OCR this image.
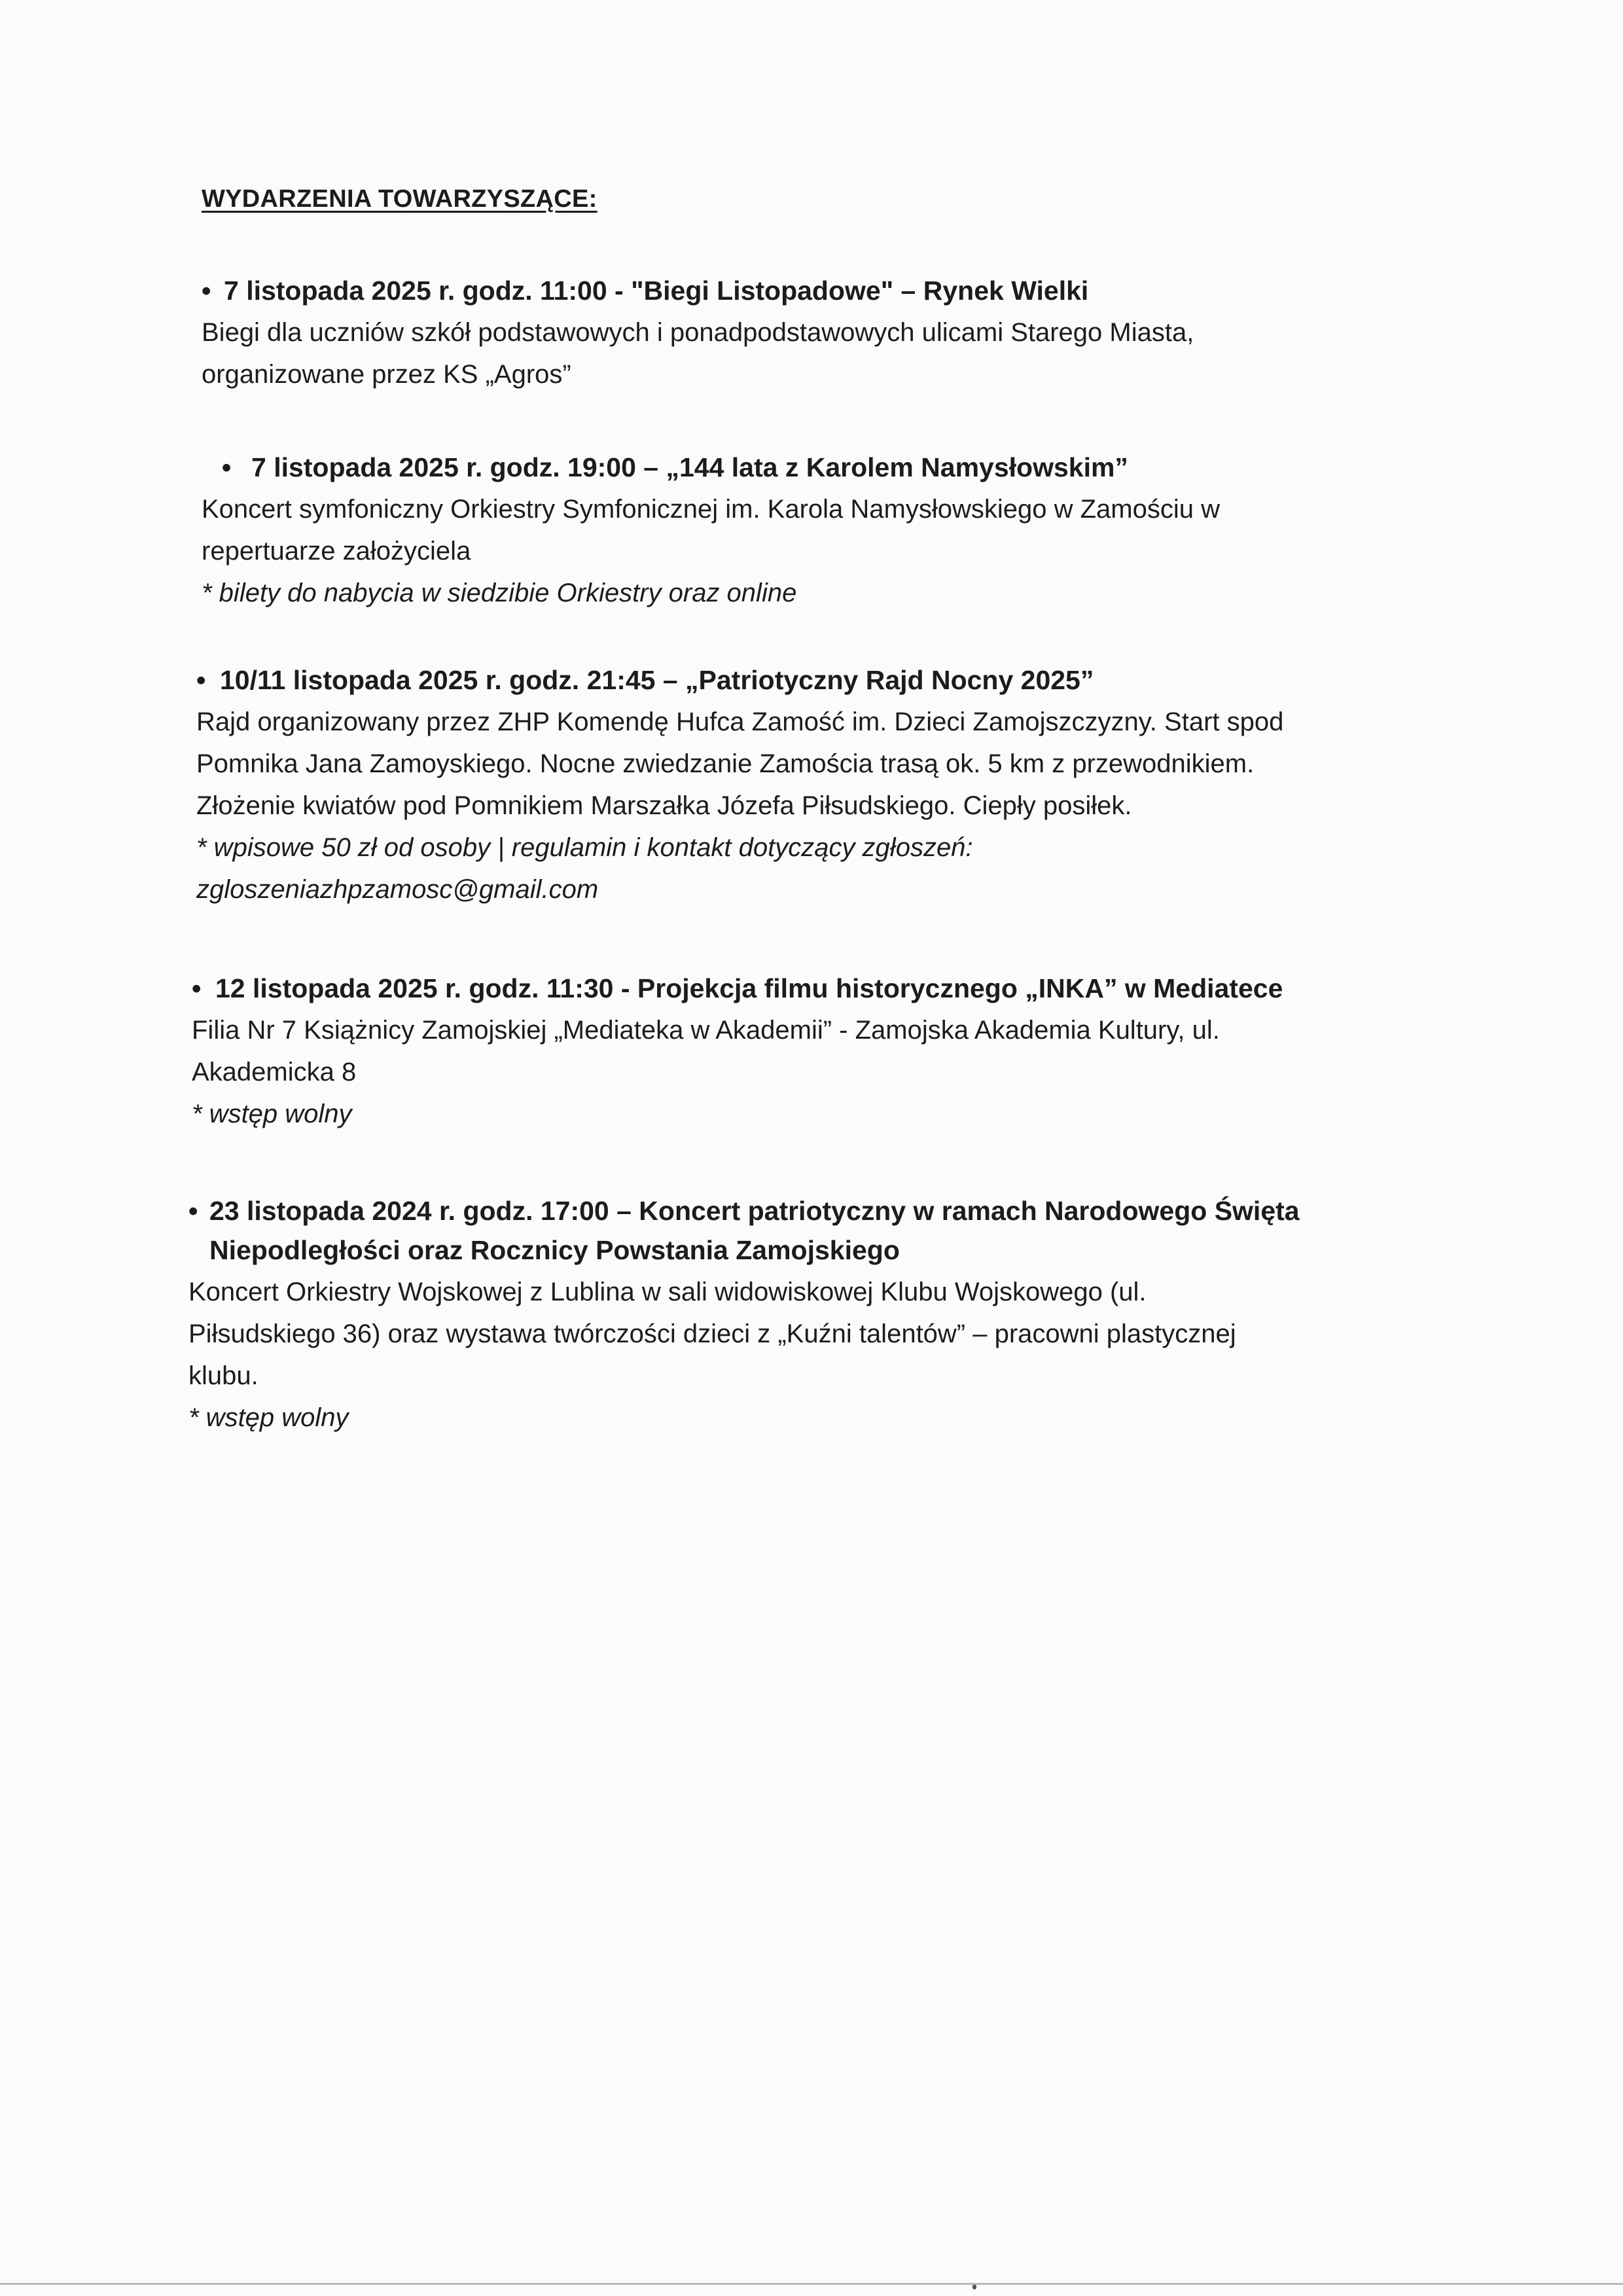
WYDARZENIA TOWARZYSZĄCE:
• 7 listopada 2025 r. godz. 11:00 - "Biegi Listopadowe" – Rynek Wielki
Biegi dla uczniów szkół podstawowych i ponadpodstawowych ulicami Starego Miasta,
organizowane przez KS „Agros”
• 7 listopada 2025 r. godz. 19:00 – „144 lata z Karolem Namysłowskim”
Koncert symfoniczny Orkiestry Symfonicznej im. Karola Namysłowskiego w Zamościu w
repertuarze założyciela
* bilety do nabycia w siedzibie Orkiestry oraz online
• 10/11 listopada 2025 r. godz. 21:45 – „Patriotyczny Rajd Nocny 2025”
Rajd organizowany przez ZHP Komendę Hufca Zamość im. Dzieci Zamojszczyzny. Start spod
Pomnika Jana Zamoyskiego. Nocne zwiedzanie Zamościa trasą ok. 5 km z przewodnikiem.
Złożenie kwiatów pod Pomnikiem Marszałka Józefa Piłsudskiego. Ciepły posiłek.
* wpisowe 50 zł od osoby | regulamin i kontakt dotyczący zgłoszeń:
zgloszeniazhpzamosc@gmail.com
• 12 listopada 2025 r. godz. 11:30 - Projekcja filmu historycznego „INKA” w Mediatece
Filia Nr 7 Książnicy Zamojskiej „Mediateka w Akademii” - Zamojska Akademia Kultury, ul.
Akademicka 8
* wstęp wolny
• 23 listopada 2024 r. godz. 17:00 – Koncert patriotyczny w ramach Narodowego Święta
Niepodległości oraz Rocznicy Powstania Zamojskiego
Koncert Orkiestry Wojskowej z Lublina w sali widowiskowej Klubu Wojskowego (ul.
Piłsudskiego 36) oraz wystawa twórczości dzieci z „Kuźni talentów” – pracowni plastycznej
klubu.
* wstęp wolny
